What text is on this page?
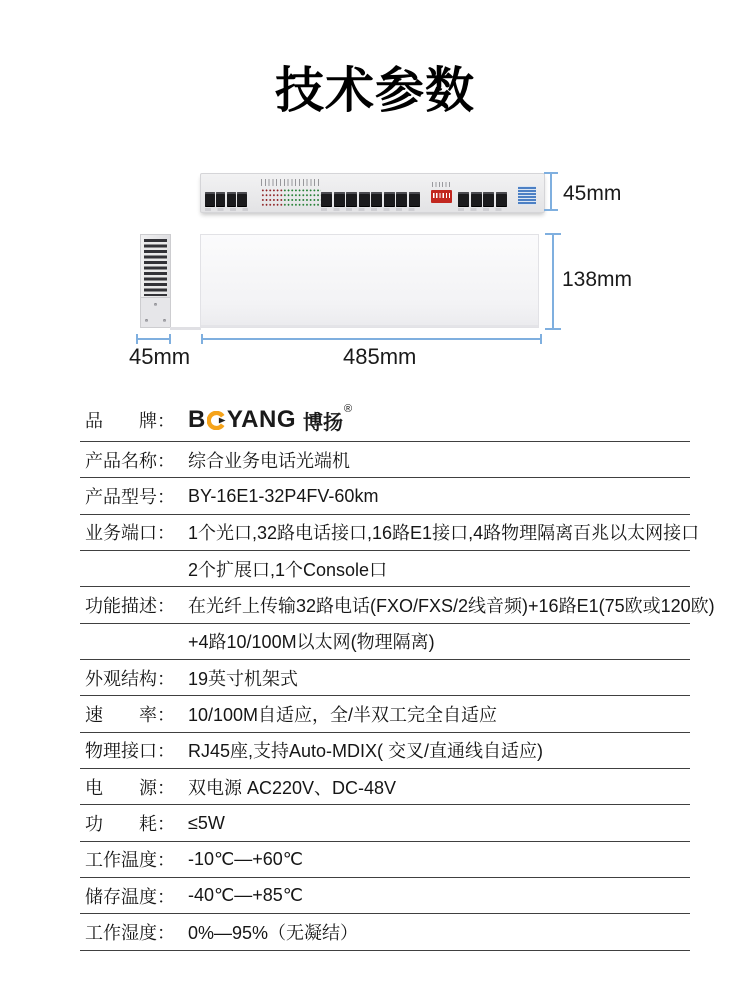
技术参数
45mm
138mm
45mm	485mm
品　　牌： B YANG 博扬
®
产品名称： 综合业务电话光端机
产品型号： BY-16E1-32P4FV-60km
业务端口： 1个光口,32路电话接口,16路E1接口,4路物理隔离百兆以太网接口
2个扩展口,1个Console口
功能描述： 在光纤上传输32路电话(FXO/FXS/2线音频)+16路E1(75欧或120欧)
+4路10/100M以太网(物理隔离)
外观结构： 19英寸机架式
速　　率： 10/100M自适应，全/半双工完全自适应
物理接口： RJ45座,支持Auto-MDIX( 交叉/直通线自适应)
电　　源： 双电源 AC220V、DC-48V
功　　耗： ≤5W
工作温度： -10℃—+60℃
储存温度： -40℃—+85℃
工作湿度： 0%—95%（无凝结）
